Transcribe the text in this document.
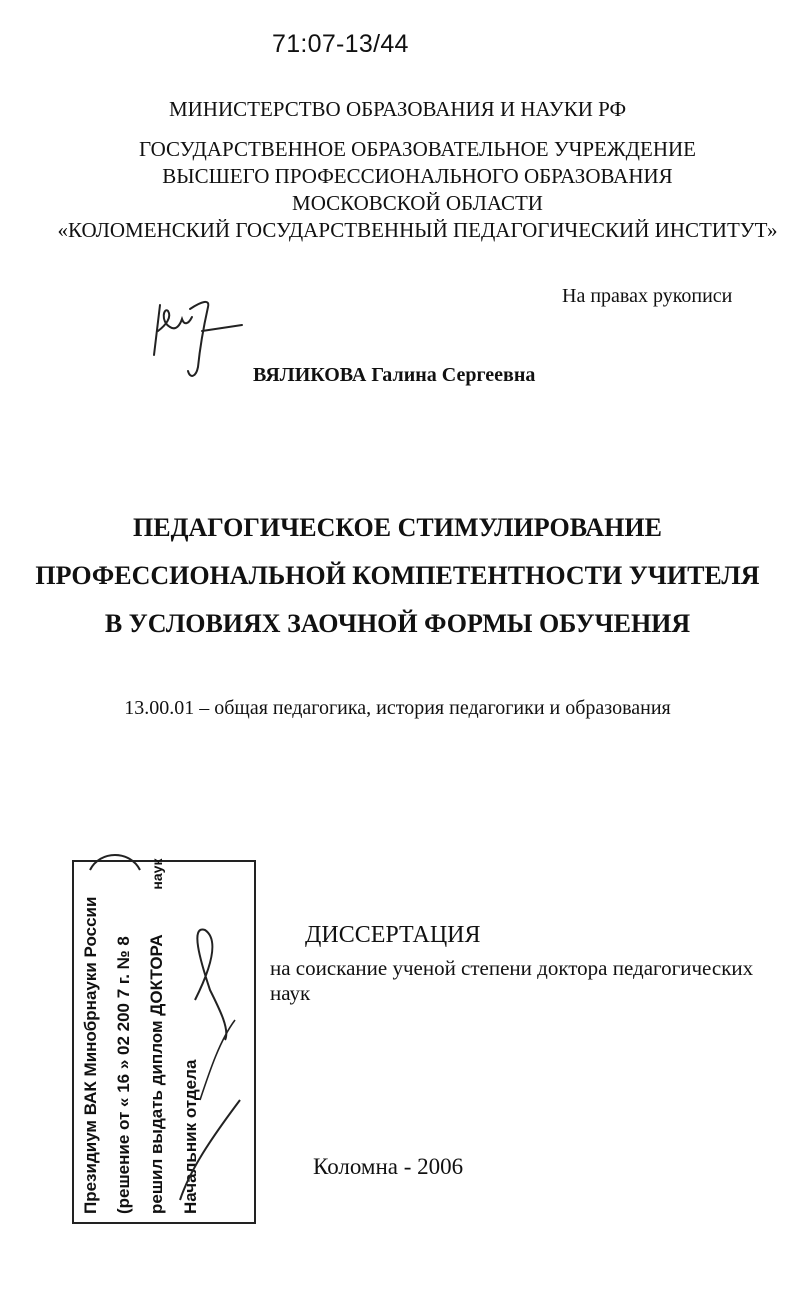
71:07-13/44
МИНИСТЕРСТВО ОБРАЗОВАНИЯ И НАУКИ РФ
ГОСУДАРСТВЕННОЕ ОБРАЗОВАТЕЛЬНОЕ УЧРЕЖДЕНИЕ
ВЫСШЕГО ПРОФЕССИОНАЛЬНОГО ОБРАЗОВАНИЯ
МОСКОВСКОЙ ОБЛАСТИ
«КОЛОМЕНСКИЙ ГОСУДАРСТВЕННЫЙ ПЕДАГОГИЧЕСКИЙ ИНСТИТУТ»
На правах рукописи
ВЯЛИКОВА Галина Сергеевна
ПЕДАГОГИЧЕСКОЕ СТИМУЛИРОВАНИЕ
ПРОФЕССИОНАЛЬНОЙ КОМПЕТЕНТНОСТИ УЧИТЕЛЯ
В УСЛОВИЯХ ЗАОЧНОЙ ФОРМЫ ОБУЧЕНИЯ
13.00.01 – общая педагогика, история педагогики и образования
ДИССЕРТАЦИЯ
на соискание ученой степени доктора педагогических наук
Коломна - 2006
Президиум ВАК Минобрнауки России (решение от « 16 » 02 200 7 г. № 8 решил выдать диплом ДОКТОРА наук
Начальник отдела
